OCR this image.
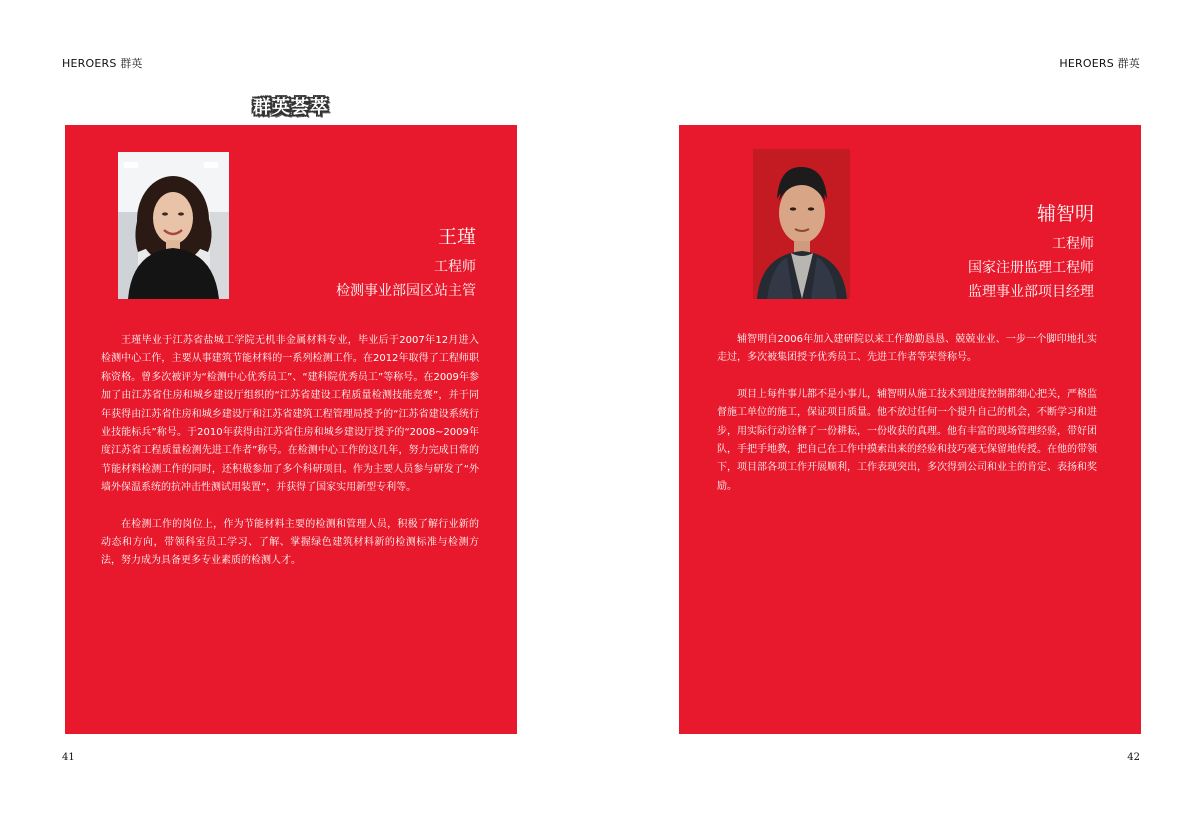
HEROERS 群英
群英荟萃
王瑾
工程师
检测事业部园区站主管

王瑾毕业于江苏省盐城工学院无机非金属材料专业，毕业后于2007年12月进入检测中心工作，主要从事建筑节能材料的一系列检测工作。在2012年取得了工程师职称资格。曾多次被评为“检测中心优秀员工”、“建科院优秀员工”等称号。在2009年参加了由江苏省住房和城乡建设厅组织的“江苏省建设工程质量检测技能竞赛”，并于同年获得由江苏省住房和城乡建设厅和江苏省建筑工程管理局授予的“江苏省建设系统行业技能标兵”称号。于2010年获得由江苏省住房和城乡建设厅授予的“2008~2009年度江苏省工程质量检测先进工作者”称号。在检测中心工作的这几年，努力完成日常的节能材料检测工作的同时，还积极参加了多个科研项目。作为主要人员参与研发了“外墙外保温系统的抗冲击性测试用装置”，并获得了国家实用新型专利等。

在检测工作的岗位上，作为节能材料主要的检测和管理人员，积极了解行业新的动态和方向，带领科室员工学习、了解、掌握绿色建筑材料新的检测标准与检测方法，努力成为具备更多专业素质的检测人才。

41
HEROERS 群英
辅智明
工程师
国家注册监理工程师
监理事业部项目经理

辅智明自2006年加入建研院以来工作勤勤恳恳、兢兢业业、一步一个脚印地扎实走过，多次被集团授予优秀员工、先进工作者等荣誉称号。

项目上每件事儿都不是小事儿，辅智明从施工技术到进度控制都细心把关，严格监督施工单位的施工，保证项目质量。他不放过任何一个提升自己的机会，不断学习和进步，用实际行动诠释了一份耕耘，一份收获的真理。他有丰富的现场管理经验，带好团队，手把手地教，把自己在工作中摸索出来的经验和技巧毫无保留地传授。在他的带领下，项目部各项工作开展顺利，工作表现突出，多次得到公司和业主的肯定、表扬和奖励。

42
